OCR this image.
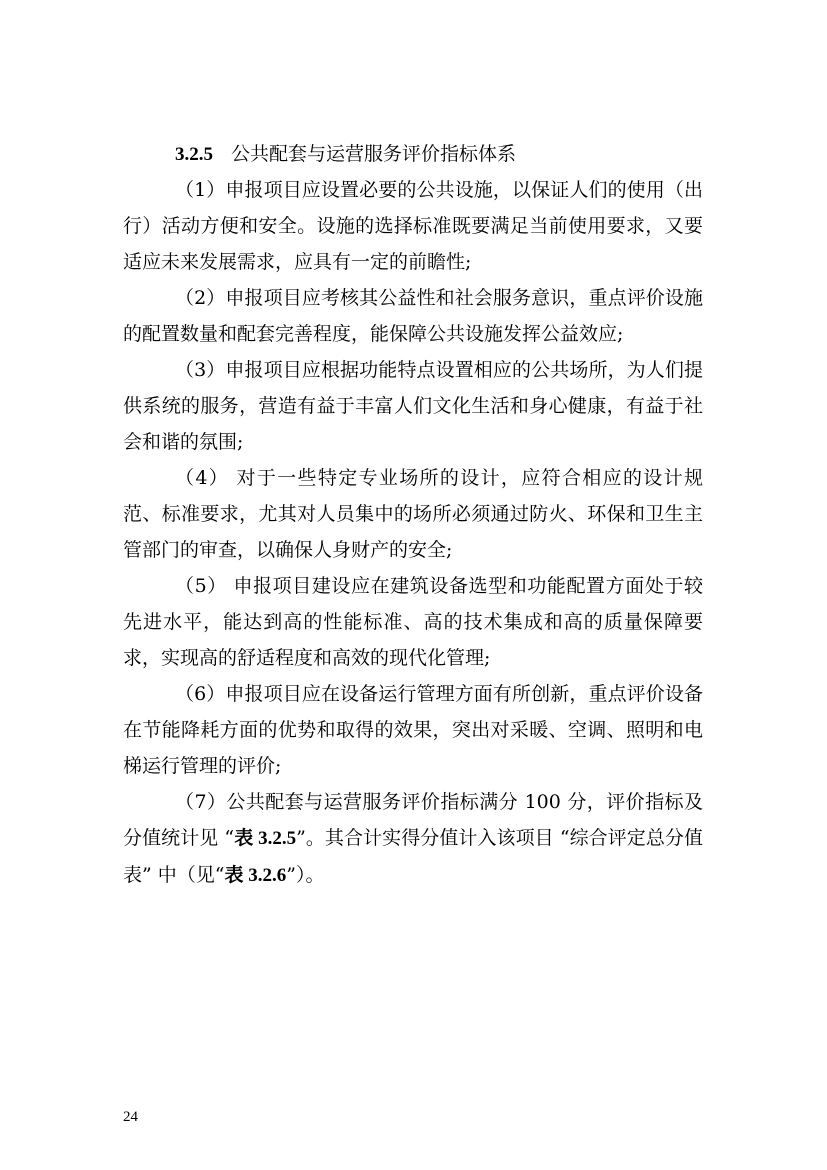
3.2.5 公共配套与运营服务评价指标体系

（1）申报项目应设置必要的公共设施，以保证人们的使用（出行）活动方便和安全。设施的选择标准既要满足当前使用要求，又要适应未来发展需求，应具有一定的前瞻性;

（2）申报项目应考核其公益性和社会服务意识，重点评价设施的配置数量和配套完善程度，能保障公共设施发挥公益效应;

（3）申报项目应根据功能特点设置相应的公共场所，为人们提供系统的服务，营造有益于丰富人们文化生活和身心健康，有益于社会和谐的氛围;

（4） 对于一些特定专业场所的设计，应符合相应的设计规范、标准要求，尤其对人员集中的场所必须通过防火、环保和卫生主管部门的审查，以确保人身财产的安全;

（5） 申报项目建设应在建筑设备选型和功能配置方面处于较先进水平，能达到高的性能标准、高的技术集成和高的质量保障要求，实现高的舒适程度和高效的现代化管理;

（6）申报项目应在设备运行管理方面有所创新，重点评价设备在节能降耗方面的优势和取得的效果，突出对采暖、空调、照明和电梯运行管理的评价;

（7）公共配套与运营服务评价指标满分 100 分，评价指标及分值统计见 “表 3.2.5”。其合计实得分值计入该项目 “综合评定总分值表” 中（见“表 3.2.6”）。

24
